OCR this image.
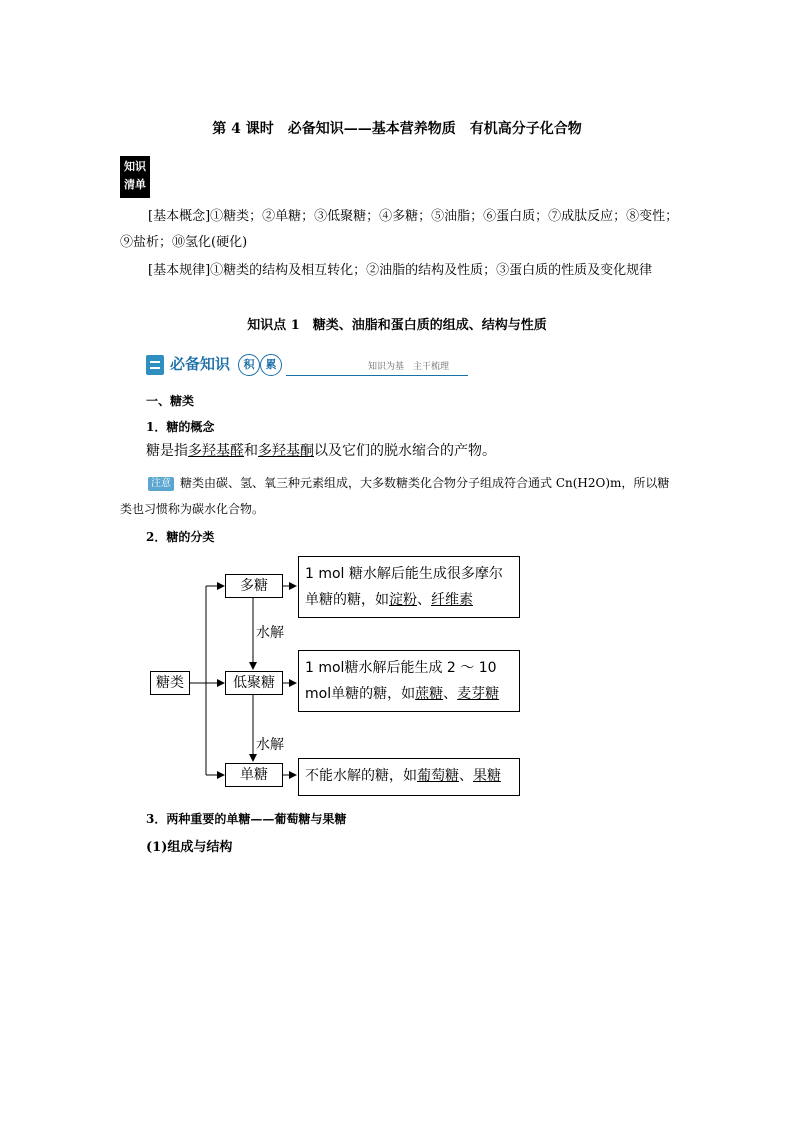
第 4 课时　必备知识——基本营养物质　有机高分子化合物
知识
清单
[基本概念]①糖类；②单糖；③低聚糖；④多糖；⑤油脂；⑥蛋白质；⑦成肽反应；⑧变性；⑨盐析；⑩氢化(硬化)
[基本规律]①糖类的结构及相互转化；②油脂的结构及性质；③蛋白质的性质及变化规律
知识点 1　糖类、油脂和蛋白质的组成、结构与性质
必备知识	积	累	知识为基　主干梳理
一、糖类
1．糖的概念
糖是指多羟基醛和多羟基酮以及它们的脱水缩合的产物。
注意 糖类由碳、氢、氧三种元素组成，大多数糖类化合物分子组成符合通式 Cn(H2O)m，所以糖类也习惯称为碳水化合物。
2．糖的分类
糖类
多糖
低聚糖
单糖
水解
水解
1 mol 糖水解后能生成很多摩尔单糖的糖，如淀粉、纤维素
1 mol糖水解后能生成 2 ～ 10 mol单糖的糖，如蔗糖、麦芽糖
不能水解的糖，如葡萄糖、果糖
3．两种重要的单糖——葡萄糖与果糖
(1)组成与结构
